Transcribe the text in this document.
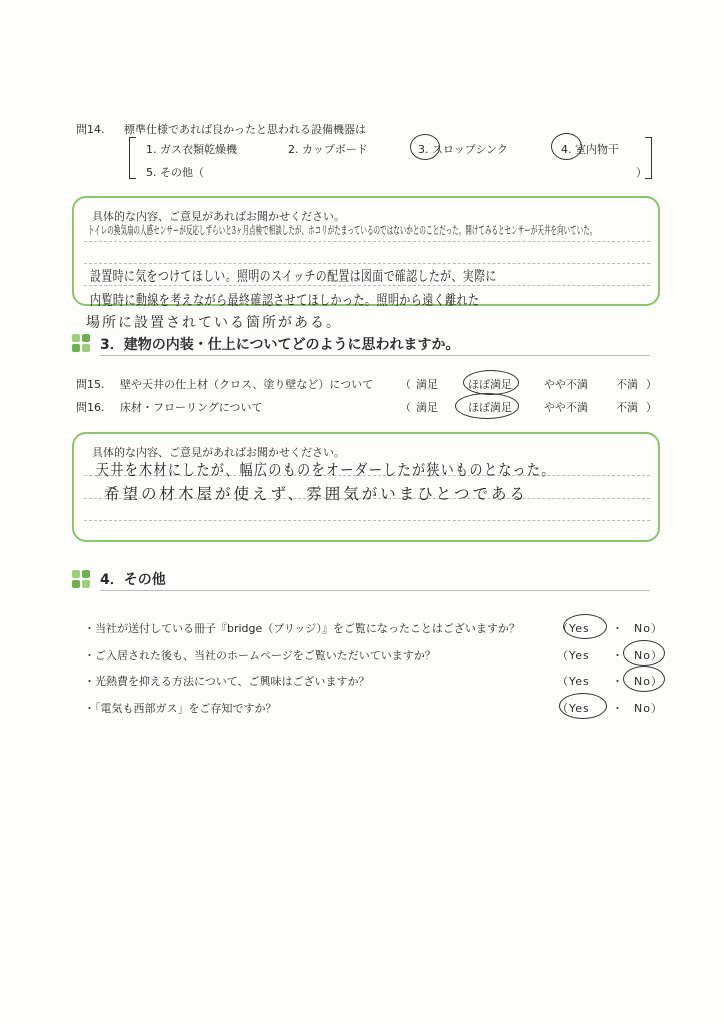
問14. 標準仕様であれば良かったと思われる設備機器は
1. ガス衣類乾燥機	2. カップボード	3. スロップシンク	4. 室内物干
5. その他（	）
具体的な内容、ご意見があればお聞かせください。
トイレの換気扇の人感センサーが反応しずらいと3ヶ月点検で相談したが、ホコリがたまっているのではないかとのことだった。開けてみるとセンサーが天井を向いていた。
設置時に気をつけてほしい。照明のスイッチの配置は図面で確認したが、実際に
内覧時に動線を考えながら最終確認させてほしかった。照明から遠く離れた
場所に設置されている箇所がある。
3．建物の内装・仕上についてどのように思われますか。
問15. 壁や天井の仕上材（クロス、塗り壁など）について （ 満足	ほぼ満足	やや不満	不満 ）
問16. 床材・フローリングについて	（ 満足	ほぼ満足	やや不満	不満 ）
具体的な内容、ご意見があればお聞かせください。
天井を木材にしたが、幅広のものをオーダーしたが狭いものとなった。
希望の材木屋が使えず、雰囲気がいまひとつである
4．その他
・当社が送付している冊子『bridge（ブリッジ）』をご覧になったことはございますか？	（Yes ・ No）
・ご入居された後も、当社のホームページをご覧いただいていますか？	（Yes ・ No）
・光熱費を抑える方法について、ご興味はございますか？	（Yes ・ No）
・「電気も西部ガス」をご存知ですか？	（Yes ・ No）
